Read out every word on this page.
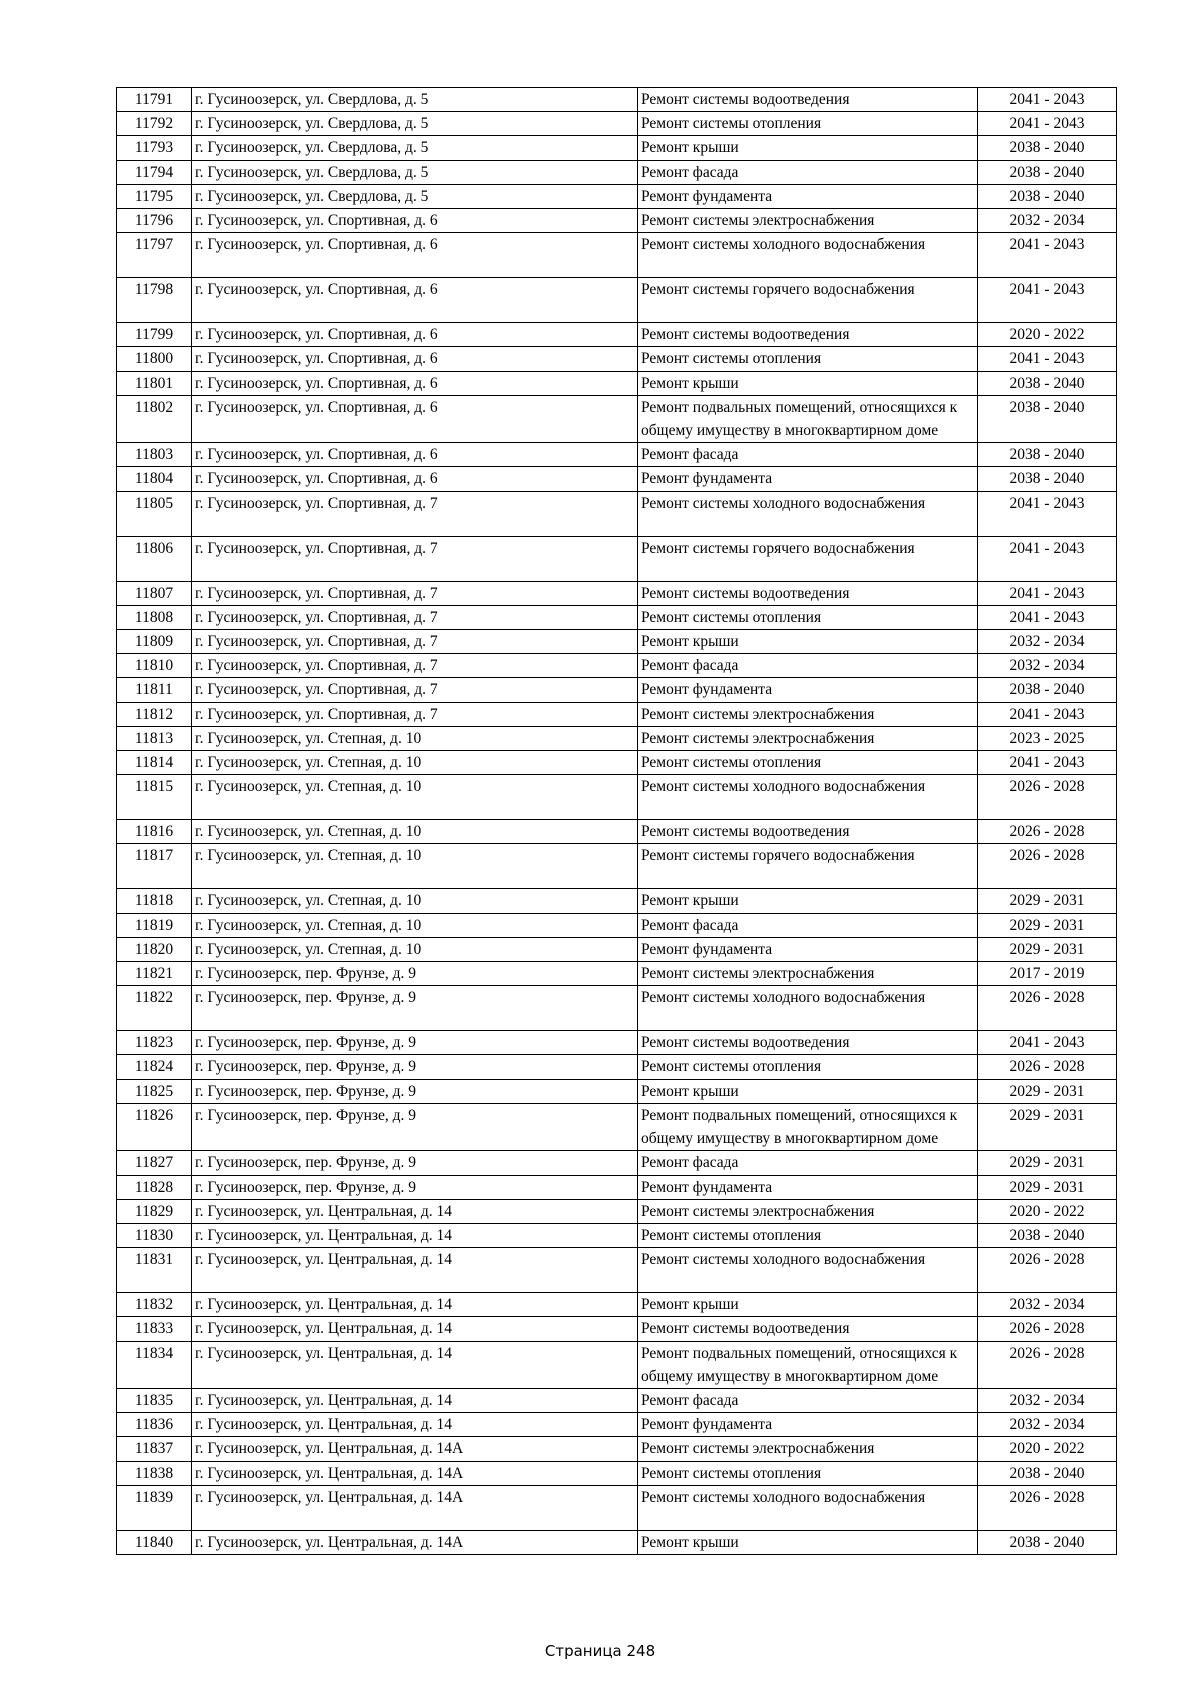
11791	г. Гусиноозерск, ул. Свердлова, д. 5	Ремонт системы водоотведения	2041 - 2043
11792	г. Гусиноозерск, ул. Свердлова, д. 5	Ремонт системы отопления	2041 - 2043
11793	г. Гусиноозерск, ул. Свердлова, д. 5	Ремонт крыши	2038 - 2040
11794	г. Гусиноозерск, ул. Свердлова, д. 5	Ремонт фасада	2038 - 2040
11795	г. Гусиноозерск, ул. Свердлова, д. 5	Ремонт фундамента	2038 - 2040
11796	г. Гусиноозерск, ул. Спортивная, д. 6	Ремонт системы электроснабжения	2032 - 2034
11797	г. Гусиноозерск, ул. Спортивная, д. 6	Ремонт системы холодного водоснабжения	2041 - 2043
11798	г. Гусиноозерск, ул. Спортивная, д. 6	Ремонт системы горячего водоснабжения	2041 - 2043
11799	г. Гусиноозерск, ул. Спортивная, д. 6	Ремонт системы водоотведения	2020 - 2022
11800	г. Гусиноозерск, ул. Спортивная, д. 6	Ремонт системы отопления	2041 - 2043
11801	г. Гусиноозерск, ул. Спортивная, д. 6	Ремонт крыши	2038 - 2040
11802	г. Гусиноозерск, ул. Спортивная, д. 6	Ремонт подвальных помещений, относящихся к общему имуществу в многоквартирном доме	2038 - 2040
11803	г. Гусиноозерск, ул. Спортивная, д. 6	Ремонт фасада	2038 - 2040
11804	г. Гусиноозерск, ул. Спортивная, д. 6	Ремонт фундамента	2038 - 2040
11805	г. Гусиноозерск, ул. Спортивная, д. 7	Ремонт системы холодного водоснабжения	2041 - 2043
11806	г. Гусиноозерск, ул. Спортивная, д. 7	Ремонт системы горячего водоснабжения	2041 - 2043
11807	г. Гусиноозерск, ул. Спортивная, д. 7	Ремонт системы водоотведения	2041 - 2043
11808	г. Гусиноозерск, ул. Спортивная, д. 7	Ремонт системы отопления	2041 - 2043
11809	г. Гусиноозерск, ул. Спортивная, д. 7	Ремонт крыши	2032 - 2034
11810	г. Гусиноозерск, ул. Спортивная, д. 7	Ремонт фасада	2032 - 2034
11811	г. Гусиноозерск, ул. Спортивная, д. 7	Ремонт фундамента	2038 - 2040
11812	г. Гусиноозерск, ул. Спортивная, д. 7	Ремонт системы электроснабжения	2041 - 2043
11813	г. Гусиноозерск, ул. Степная, д. 10	Ремонт системы электроснабжения	2023 - 2025
11814	г. Гусиноозерск, ул. Степная, д. 10	Ремонт системы отопления	2041 - 2043
11815	г. Гусиноозерск, ул. Степная, д. 10	Ремонт системы холодного водоснабжения	2026 - 2028
11816	г. Гусиноозерск, ул. Степная, д. 10	Ремонт системы водоотведения	2026 - 2028
11817	г. Гусиноозерск, ул. Степная, д. 10	Ремонт системы горячего водоснабжения	2026 - 2028
11818	г. Гусиноозерск, ул. Степная, д. 10	Ремонт крыши	2029 - 2031
11819	г. Гусиноозерск, ул. Степная, д. 10	Ремонт фасада	2029 - 2031
11820	г. Гусиноозерск, ул. Степная, д. 10	Ремонт фундамента	2029 - 2031
11821	г. Гусиноозерск, пер. Фрунзе, д. 9	Ремонт системы электроснабжения	2017 - 2019
11822	г. Гусиноозерск, пер. Фрунзе, д. 9	Ремонт системы холодного водоснабжения	2026 - 2028
11823	г. Гусиноозерск, пер. Фрунзе, д. 9	Ремонт системы водоотведения	2041 - 2043
11824	г. Гусиноозерск, пер. Фрунзе, д. 9	Ремонт системы отопления	2026 - 2028
11825	г. Гусиноозерск, пер. Фрунзе, д. 9	Ремонт крыши	2029 - 2031
11826	г. Гусиноозерск, пер. Фрунзе, д. 9	Ремонт подвальных помещений, относящихся к общему имуществу в многоквартирном доме	2029 - 2031
11827	г. Гусиноозерск, пер. Фрунзе, д. 9	Ремонт фасада	2029 - 2031
11828	г. Гусиноозерск, пер. Фрунзе, д. 9	Ремонт фундамента	2029 - 2031
11829	г. Гусиноозерск, ул. Центральная, д. 14	Ремонт системы электроснабжения	2020 - 2022
11830	г. Гусиноозерск, ул. Центральная, д. 14	Ремонт системы отопления	2038 - 2040
11831	г. Гусиноозерск, ул. Центральная, д. 14	Ремонт системы холодного водоснабжения	2026 - 2028
11832	г. Гусиноозерск, ул. Центральная, д. 14	Ремонт крыши	2032 - 2034
11833	г. Гусиноозерск, ул. Центральная, д. 14	Ремонт системы водоотведения	2026 - 2028
11834	г. Гусиноозерск, ул. Центральная, д. 14	Ремонт подвальных помещений, относящихся к общему имуществу в многоквартирном доме	2026 - 2028
11835	г. Гусиноозерск, ул. Центральная, д. 14	Ремонт фасада	2032 - 2034
11836	г. Гусиноозерск, ул. Центральная, д. 14	Ремонт фундамента	2032 - 2034
11837	г. Гусиноозерск, ул. Центральная, д. 14А	Ремонт системы электроснабжения	2020 - 2022
11838	г. Гусиноозерск, ул. Центральная, д. 14А	Ремонт системы отопления	2038 - 2040
11839	г. Гусиноозерск, ул. Центральная, д. 14А	Ремонт системы холодного водоснабжения	2026 - 2028
11840	г. Гусиноозерск, ул. Центральная, д. 14А	Ремонт крыши	2038 - 2040
Страница 248
